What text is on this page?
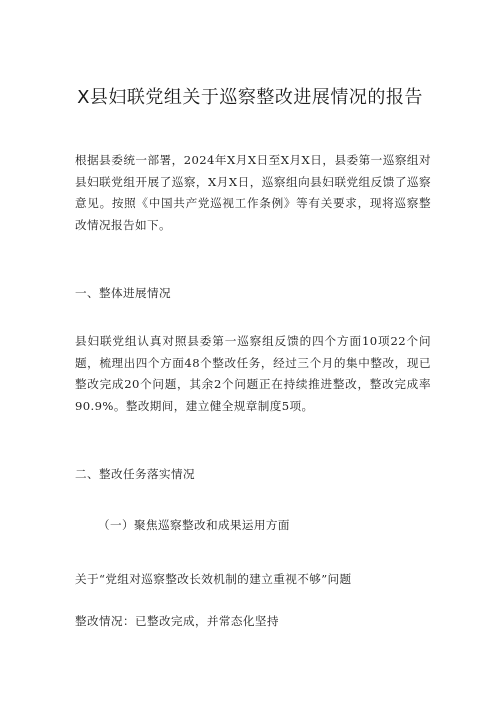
X县妇联党组关于巡察整改进展情况的报告
根据县委统一部署，2024年X月X日至X月X日，县委第一巡察组对县妇联党组开展了巡察，X月X日，巡察组向县妇联党组反馈了巡察意见。按照《中国共产党巡视工作条例》等有关要求，现将巡察整改情况报告如下。
一、整体进展情况
县妇联党组认真对照县委第一巡察组反馈的四个方面10项22个问题，梳理出四个方面48个整改任务，经过三个月的集中整改，现已整改完成20个问题，其余2个问题正在持续推进整改，整改完成率90.9%。整改期间，建立健全规章制度5项。
二、整改任务落实情况
（一）聚焦巡察整改和成果运用方面
关于“党组对巡察整改长效机制的建立重视不够”问题
整改情况：已整改完成，并常态化坚持
